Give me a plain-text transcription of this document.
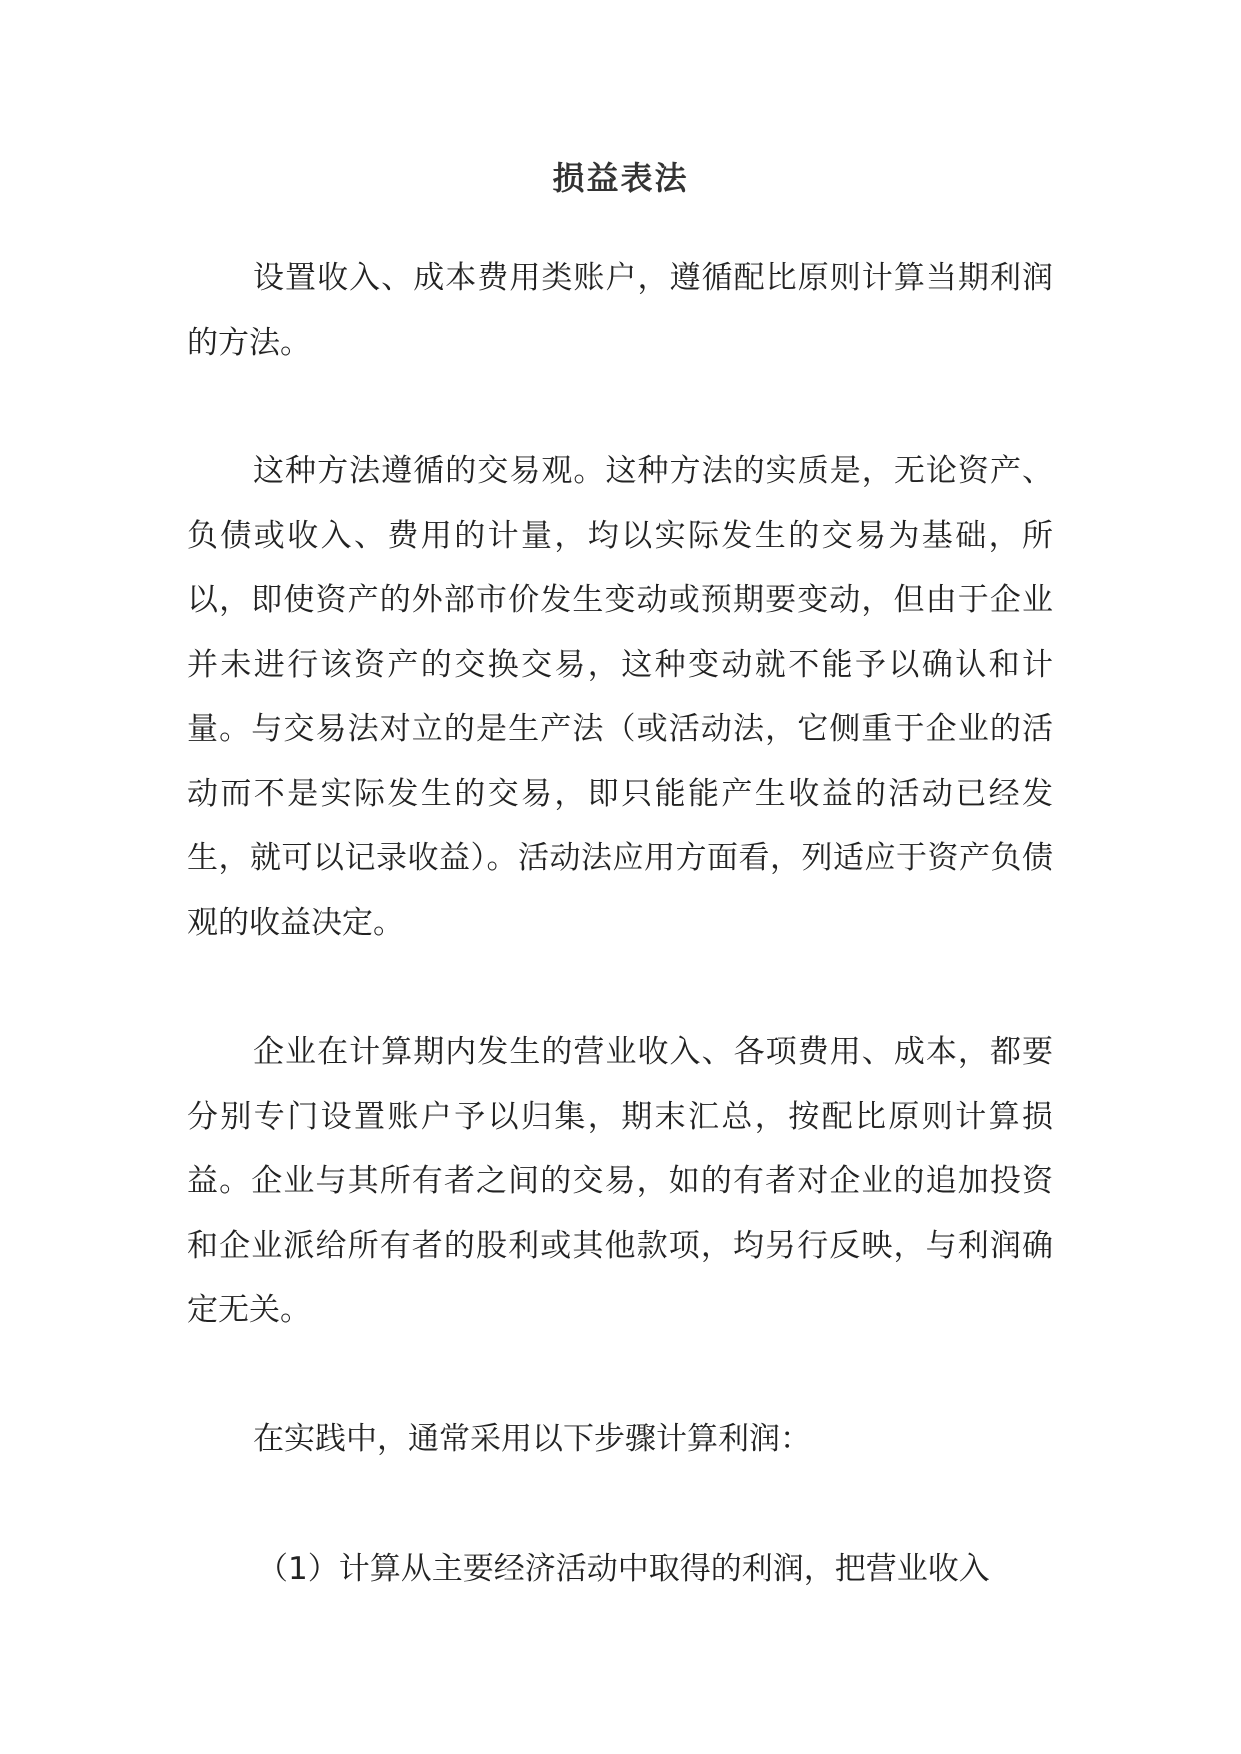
损益表法

设置收入、成本费用类账户，遵循配比原则计算当期利润的方法。

这种方法遵循的交易观。这种方法的实质是，无论资产、负债或收入、费用的计量，均以实际发生的交易为基础，所以，即使资产的外部市价发生变动或预期要变动，但由于企业并未进行该资产的交换交易，这种变动就不能予以确认和计量。与交易法对立的是生产法（或活动法，它侧重于企业的活动而不是实际发生的交易，即只能能产生收益的活动已经发生，就可以记录收益）。活动法应用方面看，列适应于资产负债观的收益决定。

企业在计算期内发生的营业收入、各项费用、成本，都要分别专门设置账户予以归集，期末汇总，按配比原则计算损益。企业与其所有者之间的交易，如的有者对企业的追加投资和企业派给所有者的股利或其他款项，均另行反映，与利润确定无关。

在实践中，通常采用以下步骤计算利润：

（1）计算从主要经济活动中取得的利润，把营业收入
